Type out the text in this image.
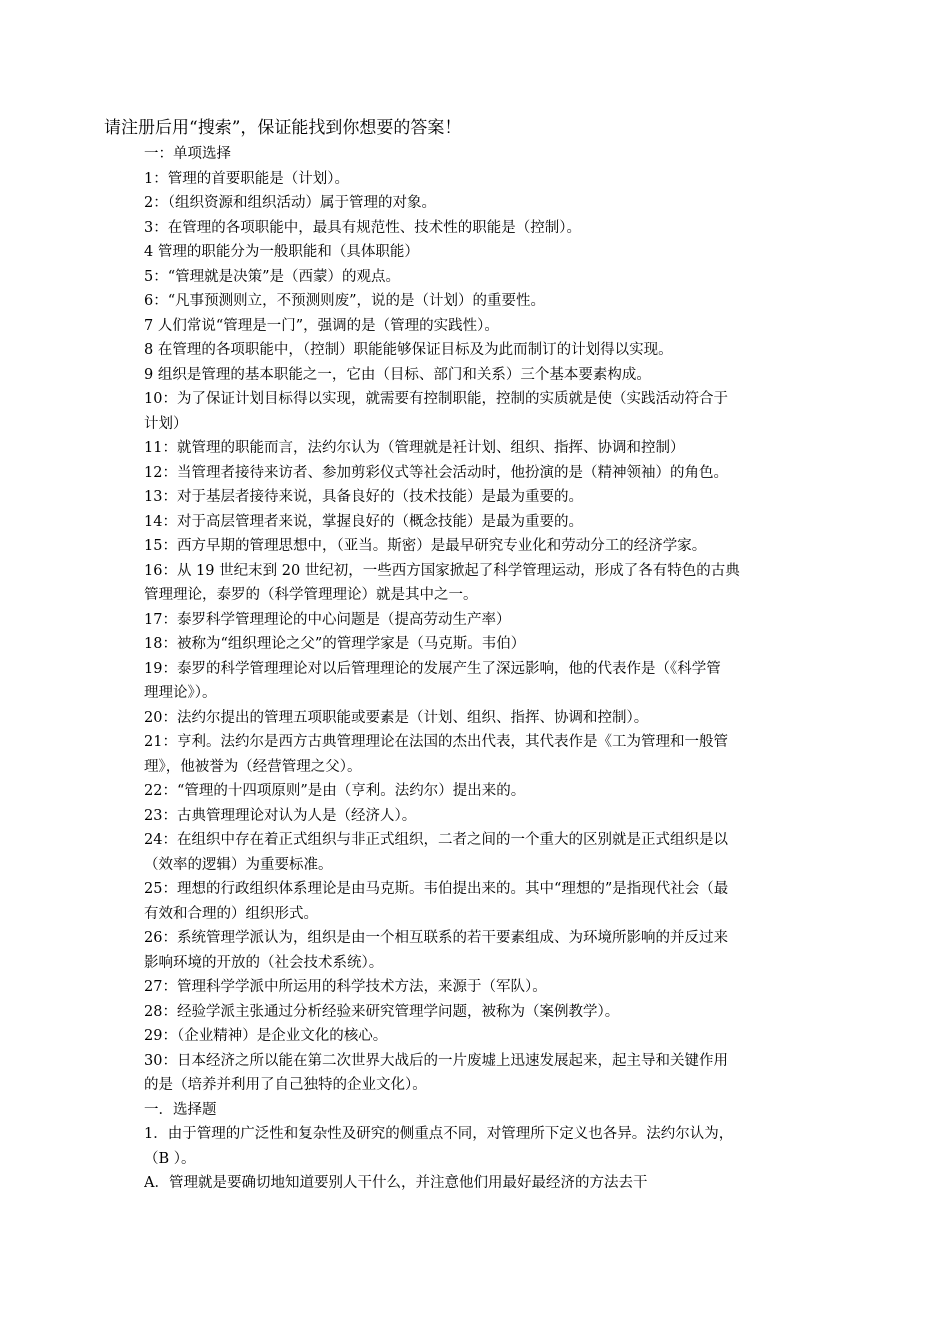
请注册后用“搜索”，保证能找到你想要的答案！
一：单项选择
1：管理的首要职能是（计划）。
2：（组织资源和组织活动）属于管理的对象。
3：在管理的各项职能中，最具有规范性、技术性的职能是（控制）。
4 管理的职能分为一般职能和（具体职能）
5：“管理就是决策”是（西蒙）的观点。
6：“凡事预测则立，不预测则废”，说的是（计划）的重要性。
7 人们常说“管理是一门”，强调的是（管理的实践性）。
8 在管理的各项职能中，（控制）职能能够保证目标及为此而制订的计划得以实现。
9 组织是管理的基本职能之一，它由（目标、部门和关系）三个基本要素构成。
10：为了保证计划目标得以实现，就需要有控制职能，控制的实质就是使（实践活动符合于
计划）
11：就管理的职能而言，法约尔认为（管理就是衽计划、组织、指挥、协调和控制）
12：当管理者接待来访者、参加剪彩仪式等社会活动时，他扮演的是（精神领袖）的角色。
13：对于基层者接待来说，具备良好的（技术技能）是最为重要的。
14：对于高层管理者来说，掌握良好的（概念技能）是最为重要的。
15：西方早期的管理思想中，（亚当。斯密）是最早研究专业化和劳动分工的经济学家。
16：从 19 世纪末到 20 世纪初，一些西方国家掀起了科学管理运动，形成了各有特色的古典
管理理论，泰罗的（科学管理理论）就是其中之一。
17：泰罗科学管理理论的中心问题是（提高劳动生产率）
18：被称为“组织理论之父”的管理学家是（马克斯。韦伯）
19：泰罗的科学管理理论对以后管理理论的发展产生了深远影响，他的代表作是（《科学管
理理论》）。
20：法约尔提出的管理五项职能或要素是（计划、组织、指挥、协调和控制）。
21：亨利。法约尔是西方古典管理理论在法国的杰出代表，其代表作是《工为管理和一般管
理》，他被誉为（经营管理之父）。
22：“管理的十四项原则”是由（亨利。法约尔）提出来的。
23：古典管理理论对认为人是（经济人）。
24：在组织中存在着正式组织与非正式组织，二者之间的一个重大的区别就是正式组织是以
（效率的逻辑）为重要标准。
25：理想的行政组织体系理论是由马克斯。韦伯提出来的。其中“理想的”是指现代社会（最
有效和合理的）组织形式。
26：系统管理学派认为，组织是由一个相互联系的若干要素组成、为环境所影响的并反过来
影响环境的开放的（社会技术系统）。
27：管理科学学派中所运用的科学技术方法，来源于（军队）。
28：经验学派主张通过分析经验来研究管理学问题，被称为（案例教学）。
29：（企业精神）是企业文化的核心。
30：日本经济之所以能在第二次世界大战后的一片废墟上迅速发展起来，起主导和关键作用
的是（培养并利用了自己独特的企业文化）。
一．选择题
1．由于管理的广泛性和复杂性及研究的侧重点不同，对管理所下定义也各异。法约尔认为，
（B ）。
A．管理就是要确切地知道要别人干什么，并注意他们用最好最经济的方法去干
